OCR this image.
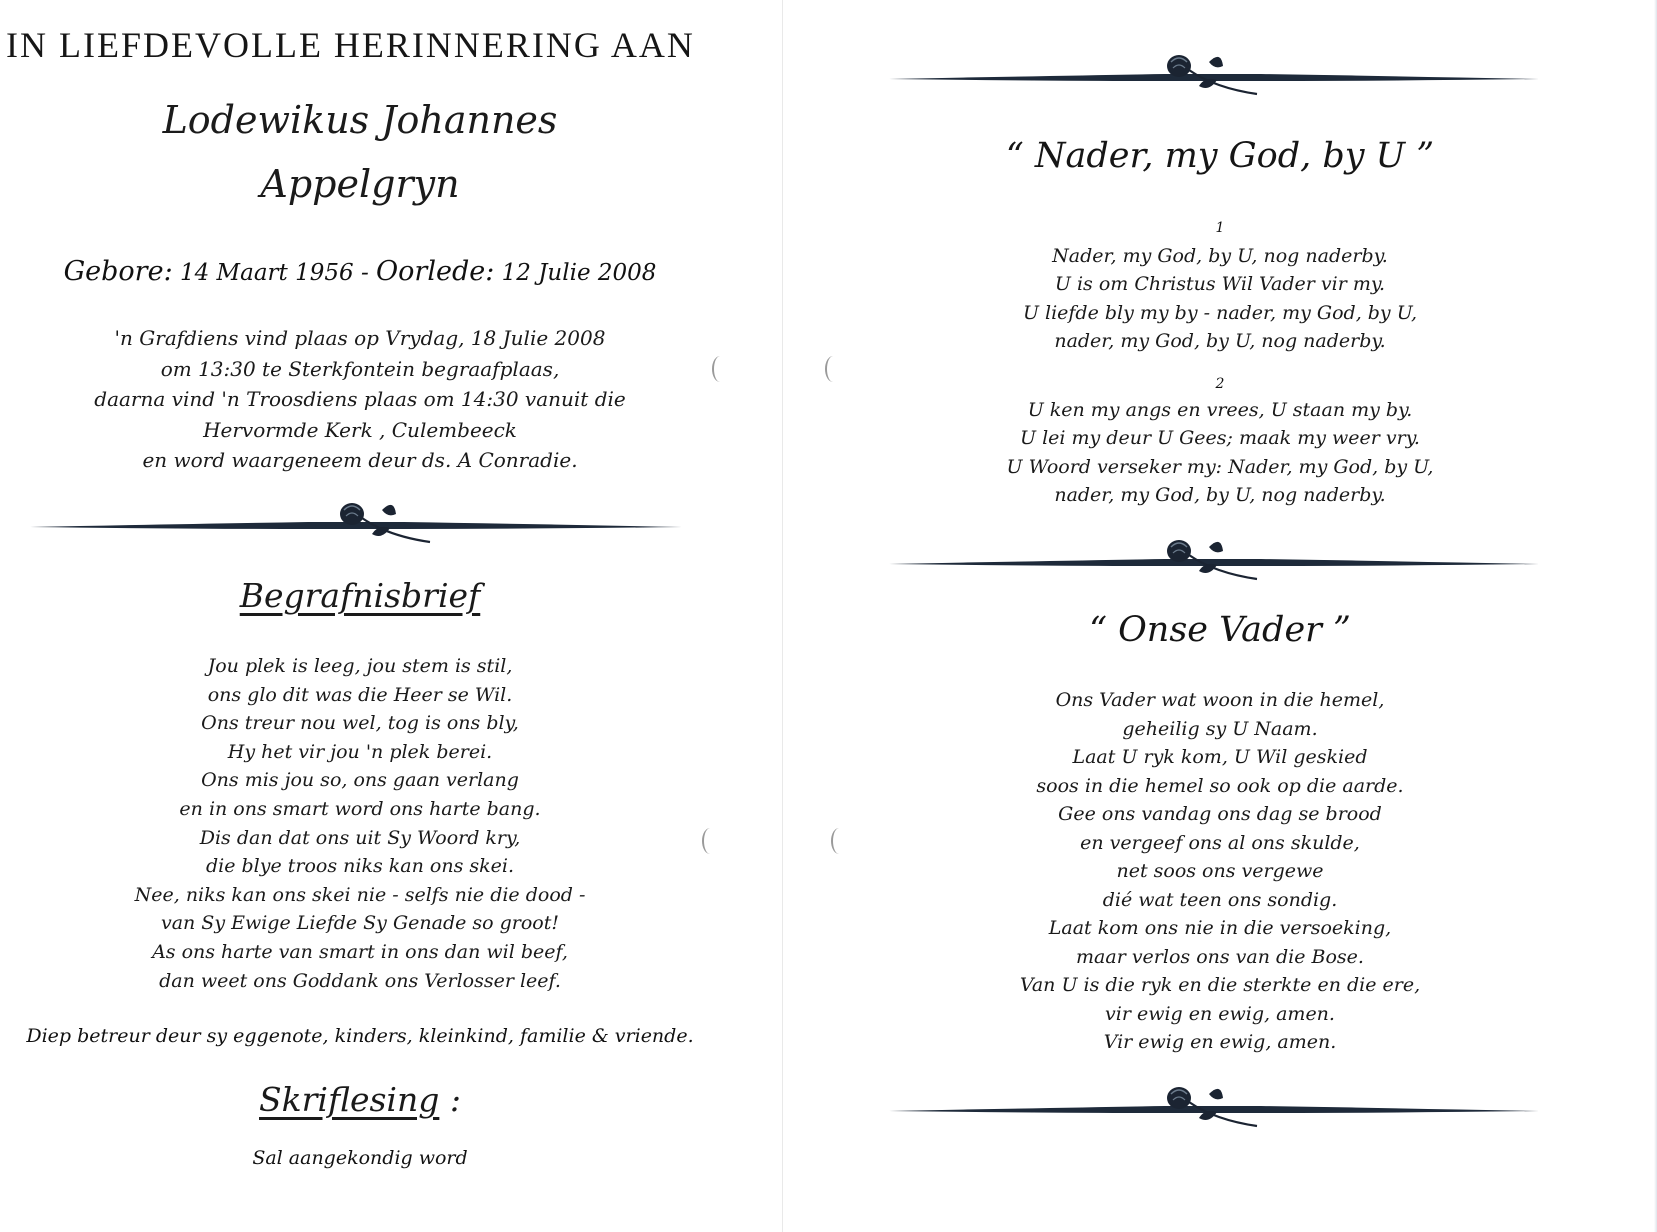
IN LIEFDEVOLLE HERINNERING AAN
Lodewikus Johannes
Appelgryn
Gebore: 14 Maart 1956 - Oorlede: 12 Julie 2008
'n Grafdiens vind plaas op Vrydag, 18 Julie 2008
om 13:30 te Sterkfontein begraafplaas,
daarna vind 'n Troosdiens plaas om 14:30 vanuit die
Hervormde Kerk , Culembeeck
en word waargeneem deur ds. A Conradie.
Begrafnisbrief
Jou plek is leeg, jou stem is stil,
ons glo dit was die Heer se Wil.
Ons treur nou wel, tog is ons bly,
Hy het vir jou 'n plek berei.
Ons mis jou so, ons gaan verlang
en in ons smart word ons harte bang.
Dis dan dat ons uit Sy Woord kry,
die blye troos niks kan ons skei.
Nee, niks kan ons skei nie - selfs nie die dood -
van Sy Ewige Liefde Sy Genade so groot!
As ons harte van smart in ons dan wil beef,
dan weet ons Goddank ons Verlosser leef.
Diep betreur deur sy eggenote, kinders, kleinkind, familie & vriende.
Skriflesing :
Sal aangekondig word
“ Nader, my God, by U ”
1
Nader, my God, by U, nog naderby.
U is om Christus Wil Vader vir my.
U liefde bly my by - nader, my God, by U,
nader, my God, by U, nog naderby.
2
U ken my angs en vrees, U staan my by.
U lei my deur U Gees; maak my weer vry.
U Woord verseker my: Nader, my God, by U,
nader, my God, by U, nog naderby.
“ Onse Vader ”
Ons Vader wat woon in die hemel,
geheilig sy U Naam.
Laat U ryk kom, U Wil geskied
soos in die hemel so ook op die aarde.
Gee ons vandag ons dag se brood
en vergeef ons al ons skulde,
net soos ons vergewe
dié wat teen ons sondig.
Laat kom ons nie in die versoeking,
maar verlos ons van die Bose.
Van U is die ryk en die sterkte en die ere,
vir ewig en ewig, amen.
Vir ewig en ewig, amen.
